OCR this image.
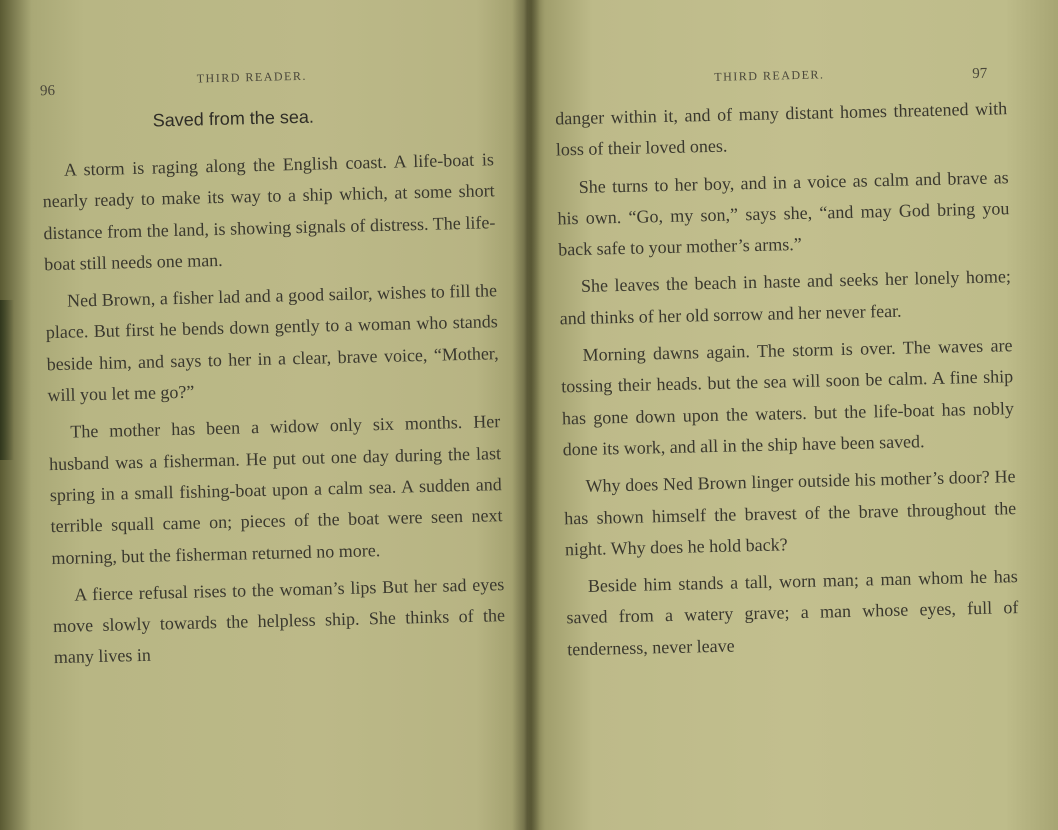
96
THIRD READER.
Saved from the sea.

A storm is raging along the English coast. A life-boat is nearly ready to make its way to a ship which, at some short distance from the land, is showing signals of distress. The life-boat still needs one man.

Ned Brown, a fisher lad and a good sailor, wishes to fill the place. But first he bends down gently to a woman who stands beside him, and says to her in a clear, brave voice, “Mother, will you let me go?”

The mother has been a widow only six months. Her husband was a fisherman. He put out one day during the last spring in a small fishing-boat upon a calm sea. A sudden and terrible squall came on; pieces of the boat were seen next morning, but the fisherman returned no more.

A fierce refusal rises to the woman’s lips But her sad eyes move slowly towards the helpless ship. She thinks of the many lives in

THIRD READER.	97

danger within it, and of many distant homes threatened with loss of their loved ones.

She turns to her boy, and in a voice as calm and brave as his own. “Go, my son,” says she, “and may God bring you back safe to your mother’s arms.”

She leaves the beach in haste and seeks her lonely home; and thinks of her old sorrow and her never fear.

Morning dawns again. The storm is over. The waves are tossing their heads. but the sea will soon be calm. A fine ship has gone down upon the waters. but the life-boat has nobly done its work, and all in the ship have been saved.

Why does Ned Brown linger outside his mother’s door? He has shown himself the bravest of the brave throughout the night. Why does he hold back?

Beside him stands a tall, worn man; a man whom he has saved from a watery grave; a man whose eyes, full of tenderness, never leave
